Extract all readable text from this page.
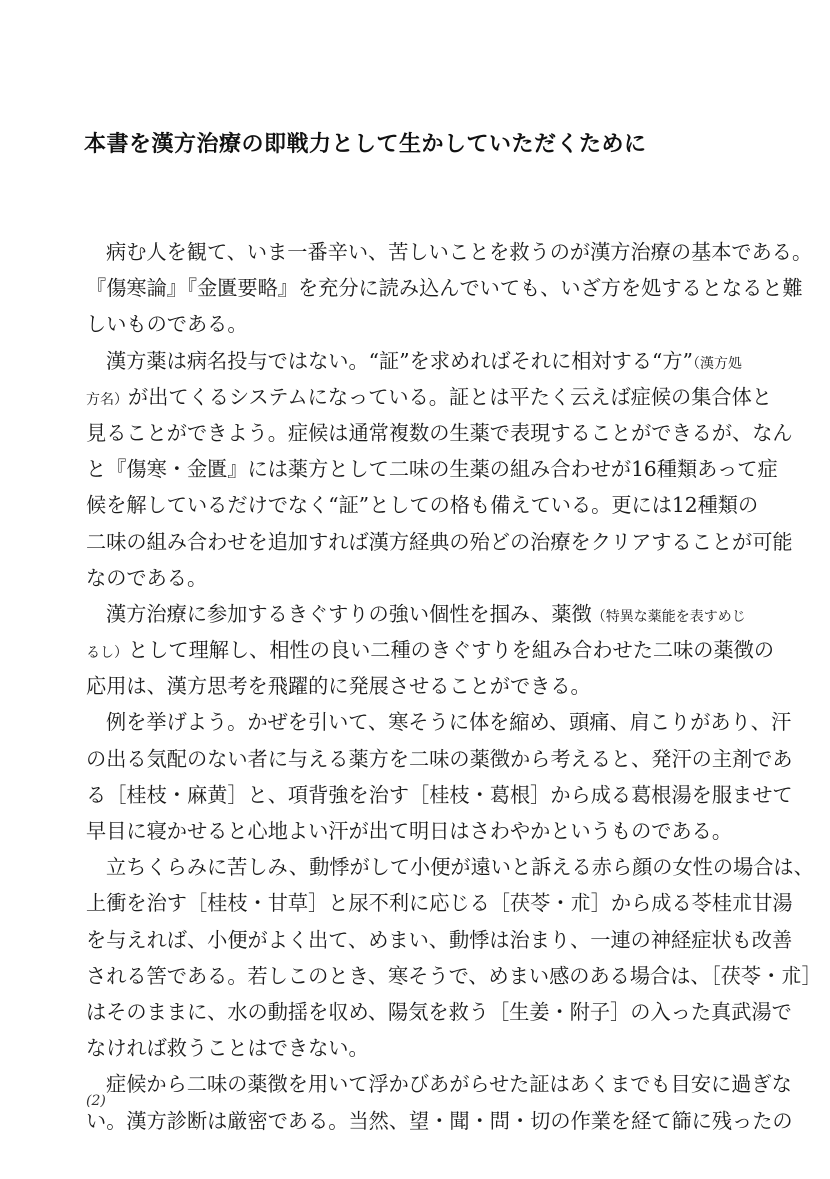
本書を漢方治療の即戦力として生かしていただくために
病む人を観て、いま一番辛い、苦しいことを救うのが漢方治療の基本である。
『傷寒論』『金匱要略』を充分に読み込んでいても、いざ方を処するとなると難
しいものである。
漢方薬は病名投与ではない。“証”を求めればそれに相対する“方”（漢方処
方名）が出てくるシステムになっている。証とは平たく云えば症候の集合体と
見ることができよう。症候は通常複数の生薬で表現することができるが、なん
と『傷寒・金匱』には薬方として二味の生薬の組み合わせが16種類あって症
候を解しているだけでなく“証”としての格も備えている。更には12種類の
二味の組み合わせを追加すれば漢方経典の殆どの治療をクリアすることが可能
なのである。
漢方治療に参加するきぐすりの強い個性を掴み、薬徴（特異な薬能を表すめじ
るし）として理解し、相性の良い二種のきぐすりを組み合わせた二味の薬徴の
応用は、漢方思考を飛躍的に発展させることができる。
例を挙げよう。かぜを引いて、寒そうに体を縮め、頭痛、肩こりがあり、汗
の出る気配のない者に与える薬方を二味の薬徴から考えると、発汗の主剤であ
る［桂枝・麻黄］と、項背強を治す［桂枝・葛根］から成る葛根湯を服ませて
早目に寝かせると心地よい汗が出て明日はさわやかというものである。
立ちくらみに苦しみ、動悸がして小便が遠いと訴える赤ら顔の女性の場合は、
上衝を治す［桂枝・甘草］と尿不利に応じる［茯苓・朮］から成る苓桂朮甘湯
を与えれば、小便がよく出て、めまい、動悸は治まり、一連の神経症状も改善
される筈である。若しこのとき、寒そうで、めまい感のある場合は、［茯苓・朮］
はそのままに、水の動揺を収め、陽気を救う［生姜・附子］の入った真武湯で
なければ救うことはできない。
症候から二味の薬徴を用いて浮かびあがらせた証はあくまでも目安に過ぎな
い。漢方診断は厳密である。当然、望・聞・問・切の作業を経て篩に残ったの
(2)
